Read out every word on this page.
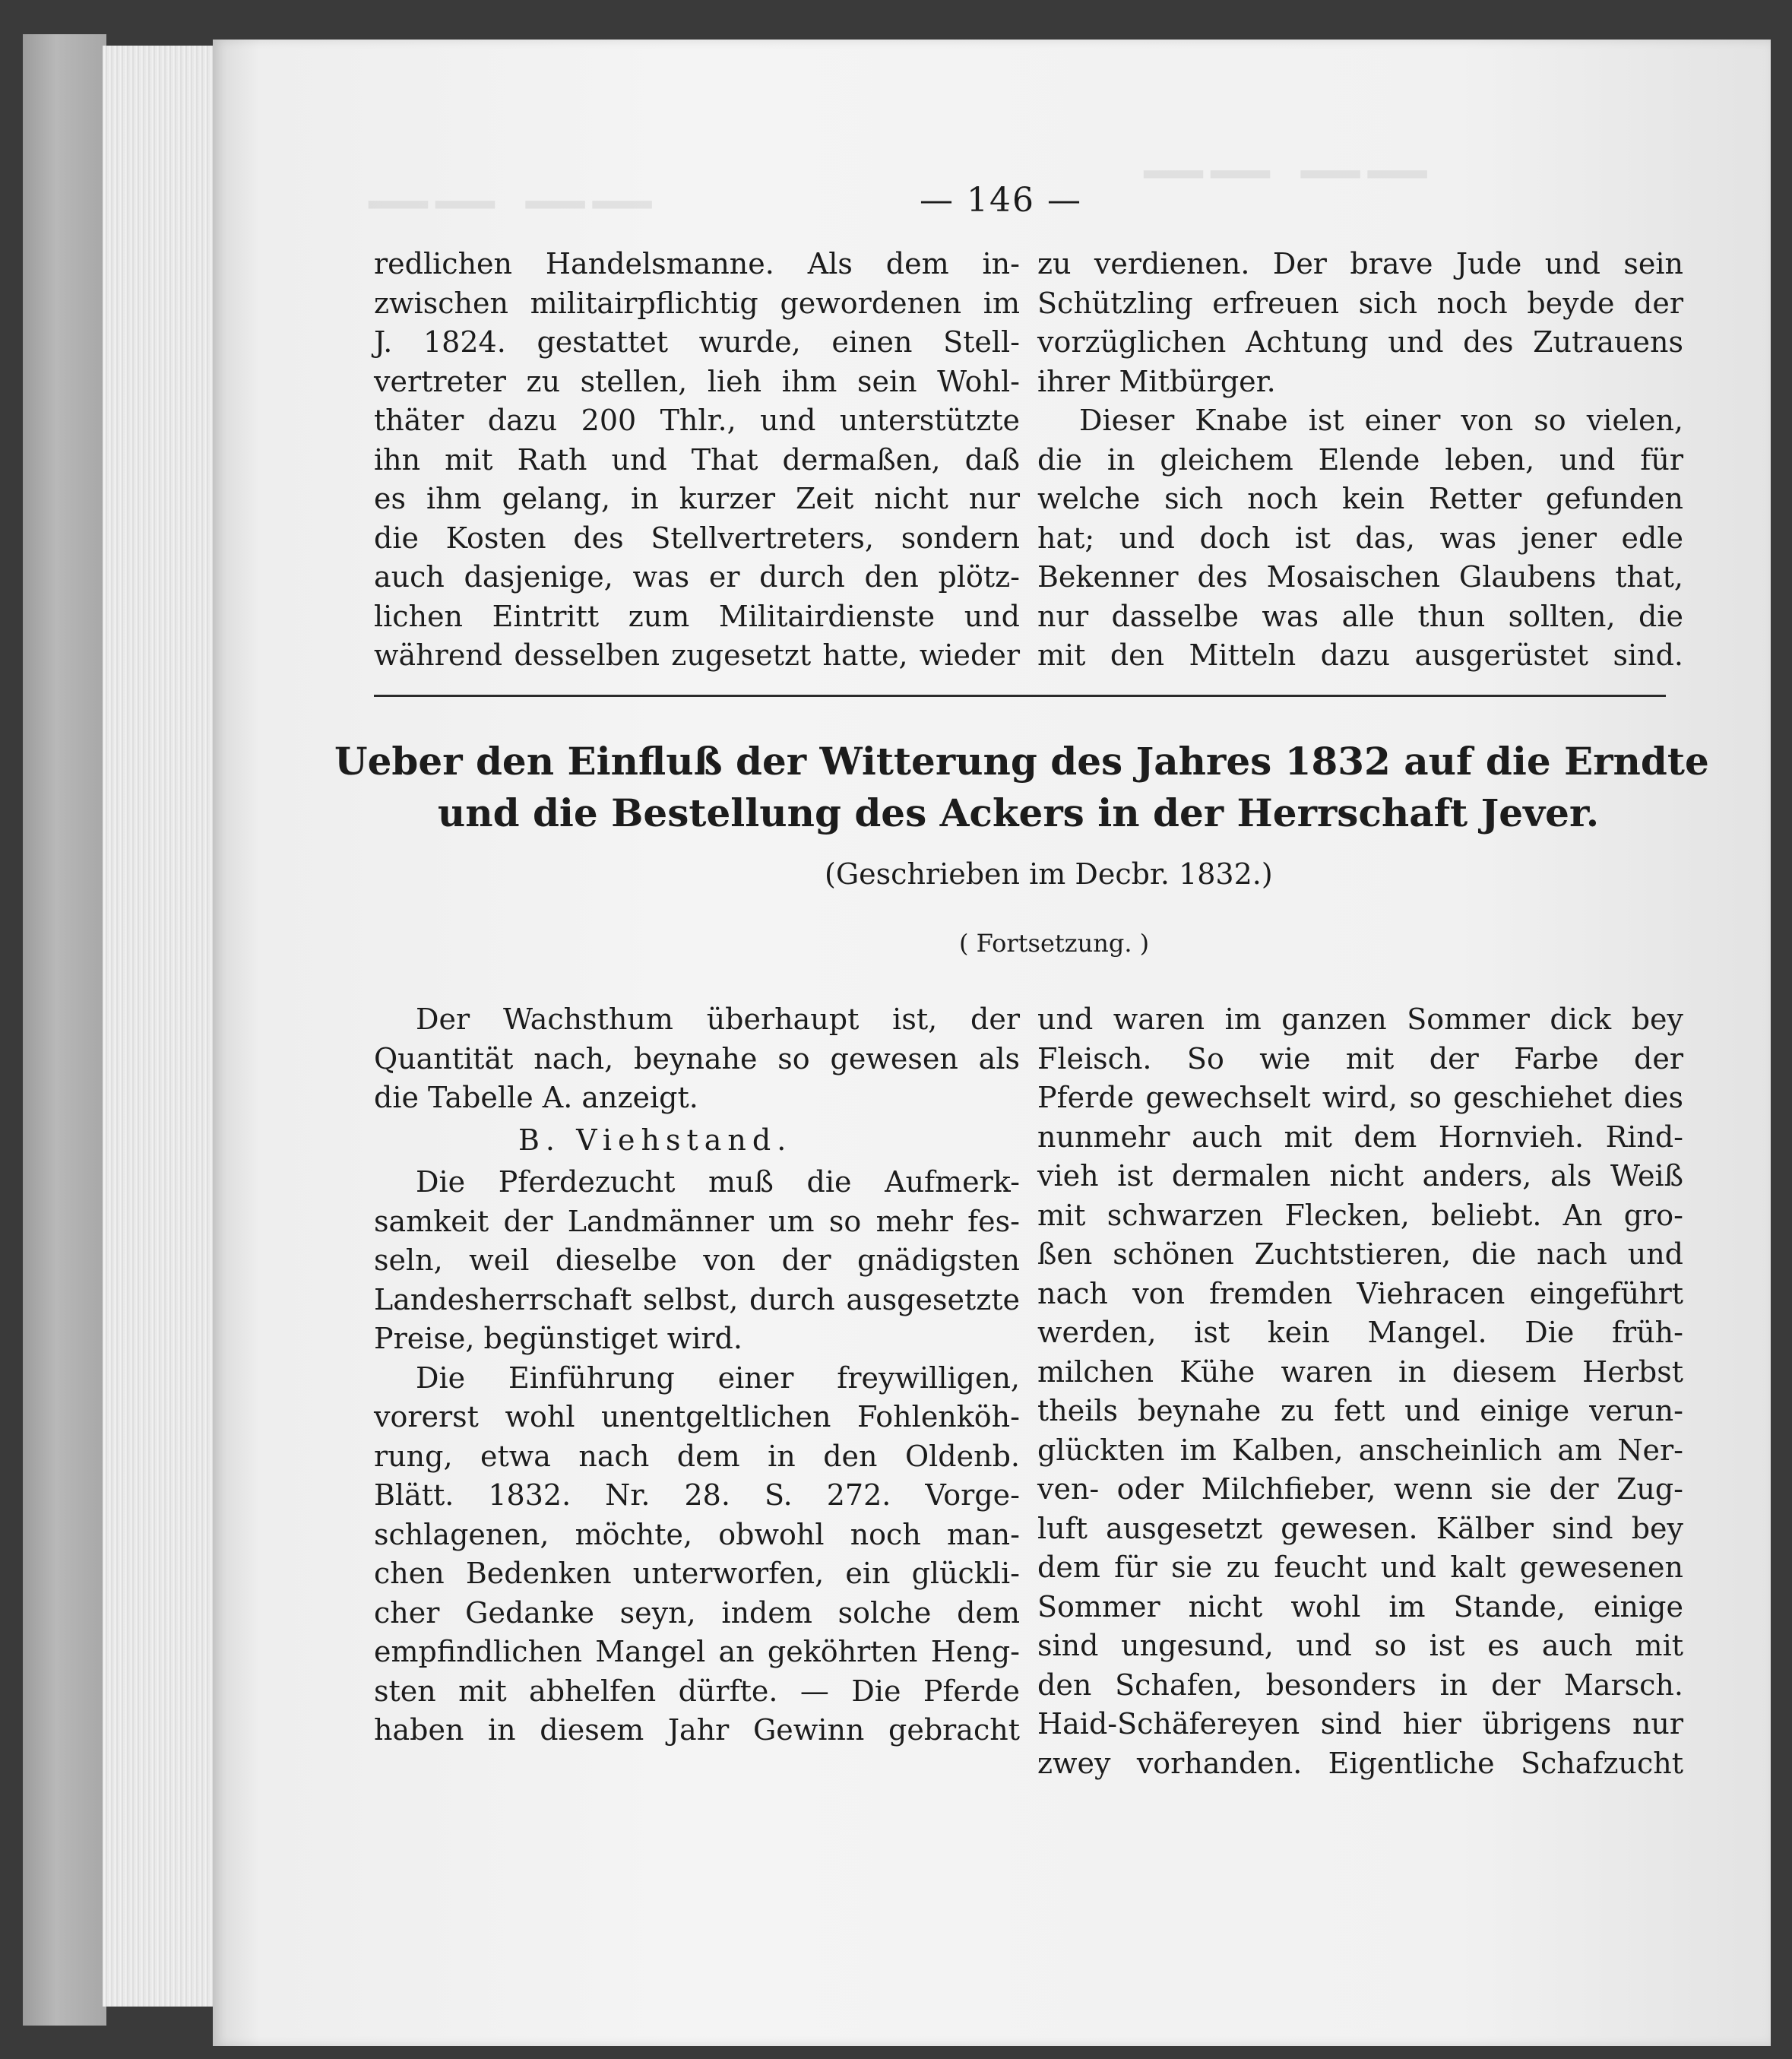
—— ——	—— ——
— 146 —
redlichen Handelsmanne. Als dem in-
zwischen militairpflichtig gewordenen im
J. 1824. gestattet wurde, einen Stell-
vertreter zu stellen, lieh ihm sein Wohl-
thäter dazu 200 Thlr., und unterstützte
ihn mit Rath und That dermaßen, daß
es ihm gelang, in kurzer Zeit nicht nur
die Kosten des Stellvertreters, sondern
auch dasjenige, was er durch den plötz-
lichen Eintritt zum Militairdienste und
während desselben zugesetzt hatte, wieder
zu verdienen. Der brave Jude und sein
Schützling erfreuen sich noch beyde der
vorzüglichen Achtung und des Zutrauens
ihrer Mitbürger.
Dieser Knabe ist einer von so vielen,
die in gleichem Elende leben, und für
welche sich noch kein Retter gefunden
hat; und doch ist das, was jener edle
Bekenner des Mosaischen Glaubens that,
nur dasselbe was alle thun sollten, die
mit den Mitteln dazu ausgerüstet sind.
Ueber den Einfluß der Witterung des Jahres 1832 auf die Erndte
und die Bestellung des Ackers in der Herrschaft Jever.
(Geschrieben im Decbr. 1832.)
( Fortsetzung. )
Der Wachsthum überhaupt ist, der
Quantität nach, beynahe so gewesen als
die Tabelle A. anzeigt.
B. Viehstand.
Die Pferdezucht muß die Aufmerk-
samkeit der Landmänner um so mehr fes-
seln, weil dieselbe von der gnädigsten
Landesherrschaft selbst, durch ausgesetzte
Preise, begünstiget wird.
Die Einführung einer freywilligen,
vorerst wohl unentgeltlichen Fohlenköh-
rung, etwa nach dem in den Oldenb.
Blätt. 1832. Nr. 28. S. 272. Vorge-
schlagenen, möchte, obwohl noch man-
chen Bedenken unterworfen, ein glückli-
cher Gedanke seyn, indem solche dem
empfindlichen Mangel an geköhrten Heng-
sten mit abhelfen dürfte. — Die Pferde
haben in diesem Jahr Gewinn gebracht
und waren im ganzen Sommer dick bey
Fleisch. So wie mit der Farbe der
Pferde gewechselt wird, so geschiehet dies
nunmehr auch mit dem Hornvieh. Rind-
vieh ist dermalen nicht anders, als Weiß
mit schwarzen Flecken, beliebt. An gro-
ßen schönen Zuchtstieren, die nach und
nach von fremden Viehracen eingeführt
werden, ist kein Mangel. Die früh-
milchen Kühe waren in diesem Herbst
theils beynahe zu fett und einige verun-
glückten im Kalben, anscheinlich am Ner-
ven- oder Milchfieber, wenn sie der Zug-
luft ausgesetzt gewesen. Kälber sind bey
dem für sie zu feucht und kalt gewesenen
Sommer nicht wohl im Stande, einige
sind ungesund, und so ist es auch mit
den Schafen, besonders in der Marsch.
Haid-Schäfereyen sind hier übrigens nur
zwey vorhanden. Eigentliche Schafzucht
